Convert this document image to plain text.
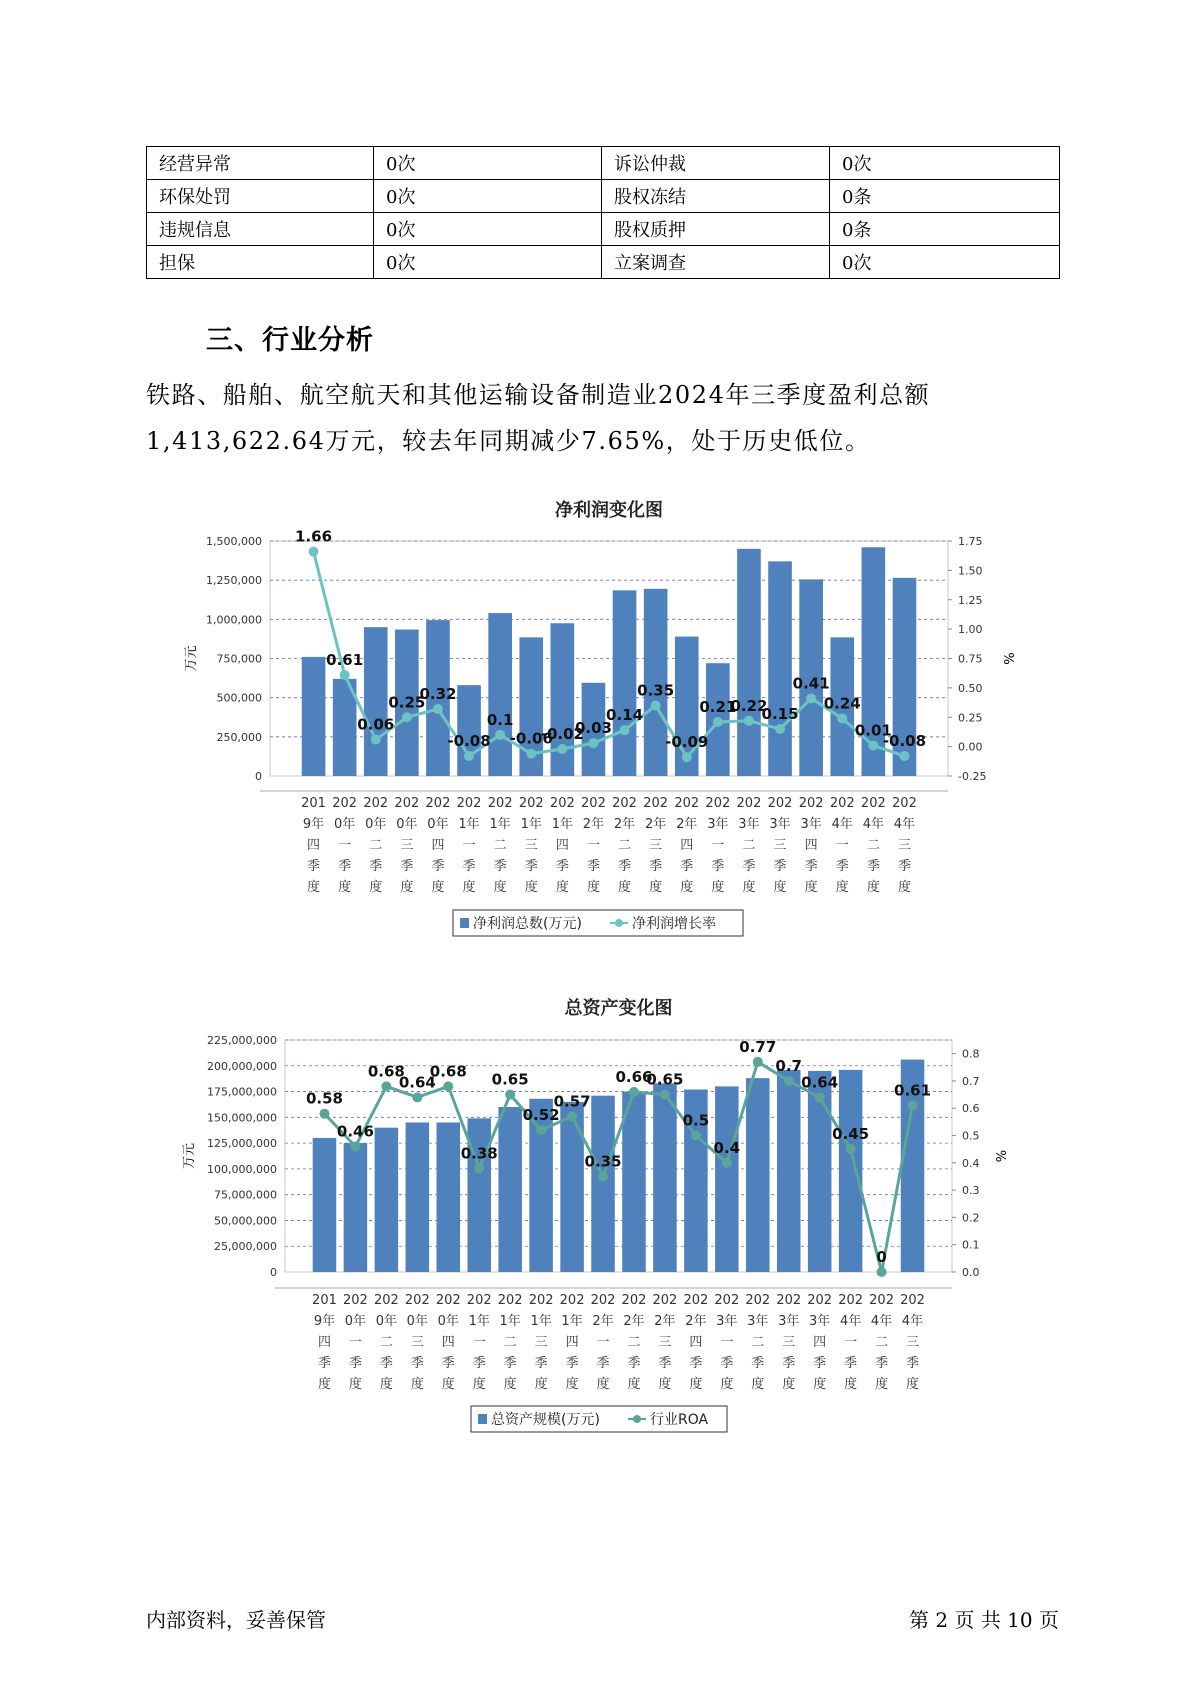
经营异常	0次	诉讼仲裁	0次
环保处罚	0次	股权冻结	0条
违规信息	0次	股权质押	0条
担保	0次	立案调查	0次
三、行业分析
铁路、船舶、航空航天和其他运输设备制造业2024年三季度盈利总额1,413,622.64万元，较去年同期减少7.65%，处于历史低位。
净利润变化图
1,500,000
1,250,000
1,000,000
750,000
500,000
250,000
0
1.75
1.50
1.25
1.00
0.75
0.50
0.25
0.00
-0.25
万元	%
201 9年四季度
202 0年一季度
202 0年二季度
202 0年三季度
202 0年四季度
202 1年一季度
202 1年二季度
202 1年三季度
202 1年四季度
202 2年一季度
202 2年二季度
202 2年三季度
202 2年四季度
202 3年一季度
202 3年二季度
202 3年三季度
202 3年四季度
202 4年一季度
202 4年二季度
202 4年三季度
1.66
0.61
0.06
0.25
0.32
-0.08
0.1
-0.06
-0.02
0.03
0.14
0.35
-0.09
0.21
0.22
0.15
0.41
0.24
0.01
-0.08
净利润总数(万元)	净利润增长率
总资产变化图
225,000,000
200,000,000
175,000,000
150,000,000
125,000,000
100,000,000
75,000,000
50,000,000
25,000,000
0
0.8
0.7
0.6
0.5
0.4
0.3
0.2
0.1
0.0
万元	%
201 9年四季度
202 0年一季度
202 0年二季度
202 0年三季度
202 0年四季度
202 1年一季度
202 1年二季度
202 1年三季度
202 1年四季度
202 2年一季度
202 2年二季度
202 2年三季度
202 2年四季度
202 3年一季度
202 3年二季度
202 3年三季度
202 3年四季度
202 4年一季度
202 4年二季度
202 4年三季度
0.58
0.46
0.68
0.64
0.68
0.38
0.65
0.52
0.57
0.35
0.66
0.65
0.5
0.4
0.77
0.7
0.64
0.45
0
0.61
总资产规模(万元)	行业ROA
内部资料，妥善保管	第 2 页 共 10 页
